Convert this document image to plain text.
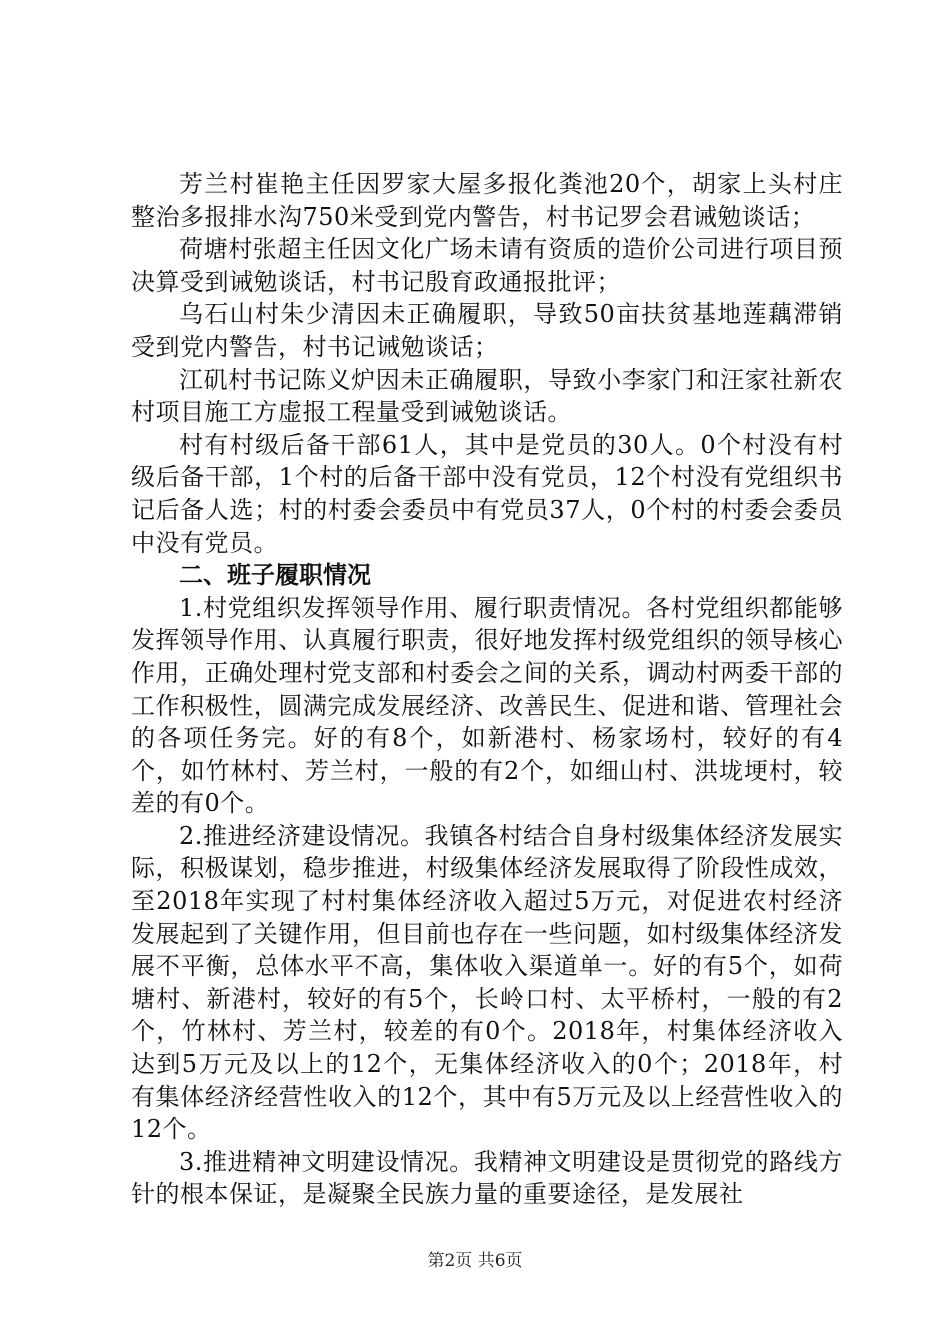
芳兰村崔艳主任因罗家大屋多报化粪池20个，胡家上头村庄整治多报排水沟750米受到党内警告，村书记罗会君诫勉谈话；

荷塘村张超主任因文化广场未请有资质的造价公司进行项目预决算受到诫勉谈话，村书记殷育政通报批评；

乌石山村朱少清因未正确履职，导致50亩扶贫基地莲藕滞销受到党内警告，村书记诫勉谈话；

江矶村书记陈义炉因未正确履职，导致小李家门和汪家社新农村项目施工方虚报工程量受到诫勉谈话。

村有村级后备干部61人，其中是党员的30人。0个村没有村级后备干部，1个村的后备干部中没有党员，12个村没有党组织书记后备人选；村的村委会委员中有党员37人，0个村的村委会委员中没有党员。

二、班子履职情况

1.村党组织发挥领导作用、履行职责情况。各村党组织都能够发挥领导作用、认真履行职责，很好地发挥村级党组织的领导核心作用，正确处理村党支部和村委会之间的关系，调动村两委干部的工作积极性，圆满完成发展经济、改善民生、促进和谐、管理社会的各项任务完。好的有8个，如新港村、杨家场村，较好的有4个，如竹林村、芳兰村，一般的有2个，如细山村、洪垅埂村，较差的有0个。

2.推进经济建设情况。我镇各村结合自身村级集体经济发展实际，积极谋划，稳步推进，村级集体经济发展取得了阶段性成效，至2018年实现了村村集体经济收入超过5万元，对促进农村经济发展起到了关键作用，但目前也存在一些问题，如村级集体经济发展不平衡，总体水平不高，集体收入渠道单一。好的有5个，如荷塘村、新港村，较好的有5个，长岭口村、太平桥村，一般的有2个，竹林村、芳兰村，较差的有0个。2018年，村集体经济收入达到5万元及以上的12个，无集体经济收入的0个；2018年，村有集体经济经营性收入的12个，其中有5万元及以上经营性收入的12个。

3.推进精神文明建设情况。我精神文明建设是贯彻党的路线方针的根本保证，是凝聚全民族力量的重要途径，是发展社

第2页 共6页
